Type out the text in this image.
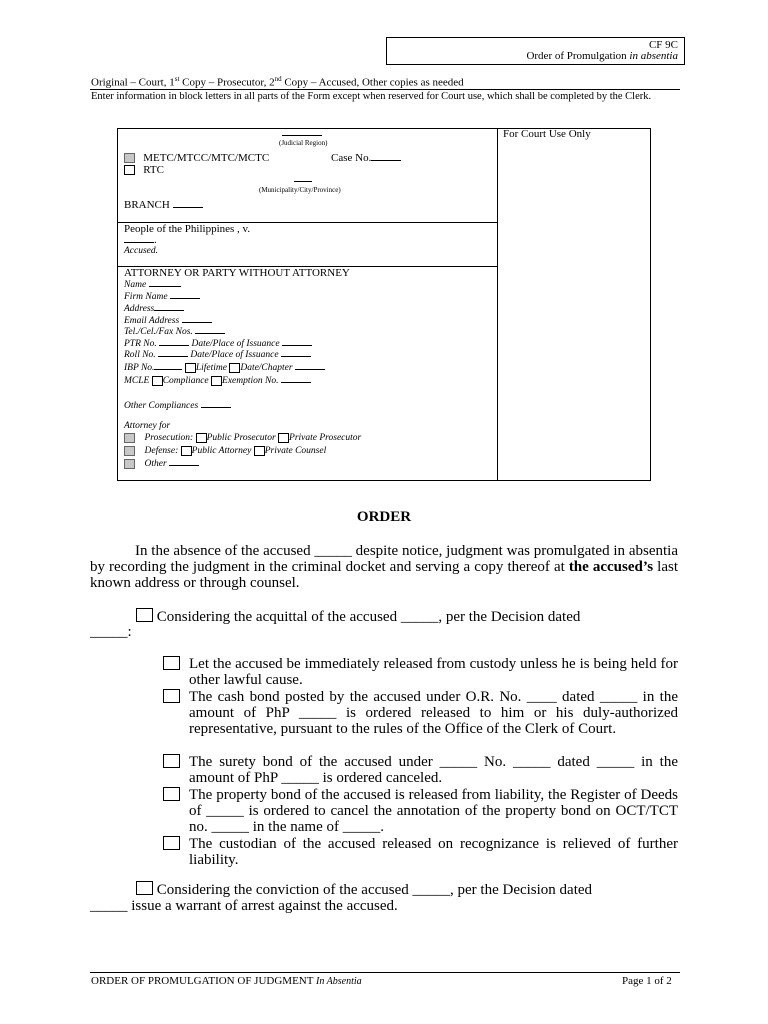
CF 9C
Order of Promulgation in absentia
Original – Court, 1st Copy – Prosecutor, 2nd Copy – Accused, Other copies as needed
Enter information in block letters in all parts of the Form except when reserved for Court use, which shall be completed by the Clerk.
For Court Use Only
(Judicial Region)
METC/MTCC/MTC/MCTC	Case No.
RTC
(Municipality/City/Province)
BRANCH
People of the Philippines , v.
.
Accused.
ATTORNEY OR PARTY WITHOUT ATTORNEY
Name
Firm Name
Address
Email Address
Tel./Cel./Fax Nos.
PTR No.	Date/Place of Issuance
Roll No.	Date/Place of Issuance
IBP No.	Lifetime Date/Chapter
MCLE Compliance Exemption No.
Other Compliances
Attorney for
Prosecution: Public Prosecutor Private Prosecutor
Defense: Public Attorney Private Counsel
Other
ORDER
In the absence of the accused _____ despite notice, judgment was promulgated in absentia by recording the judgment in the criminal docket and serving a copy thereof at the accused’s last known address or through counsel.
Considering the acquittal of the accused _____, per the Decision dated
_____:
Let the accused be immediately released from custody unless he is being held for other lawful cause.
The cash bond posted by the accused under O.R. No. ____ dated _____ in the amount of PhP _____ is ordered released to him or his duly-authorized representative, pursuant to the rules of the Office of the Clerk of Court.
The surety bond of the accused under _____ No. _____ dated _____ in the amount of PhP _____ is ordered canceled.
The property bond of the accused is released from liability, the Register of Deeds of _____ is ordered to cancel the annotation of the property bond on OCT/TCT no. _____ in the name of _____.
The custodian of the accused released on recognizance is relieved of further liability.
Considering the conviction of the accused _____, per the Decision dated
_____ issue a warrant of arrest against the accused.
ORDER OF PROMULGATION OF JUDGMENT In Absentia	Page 1 of 2
